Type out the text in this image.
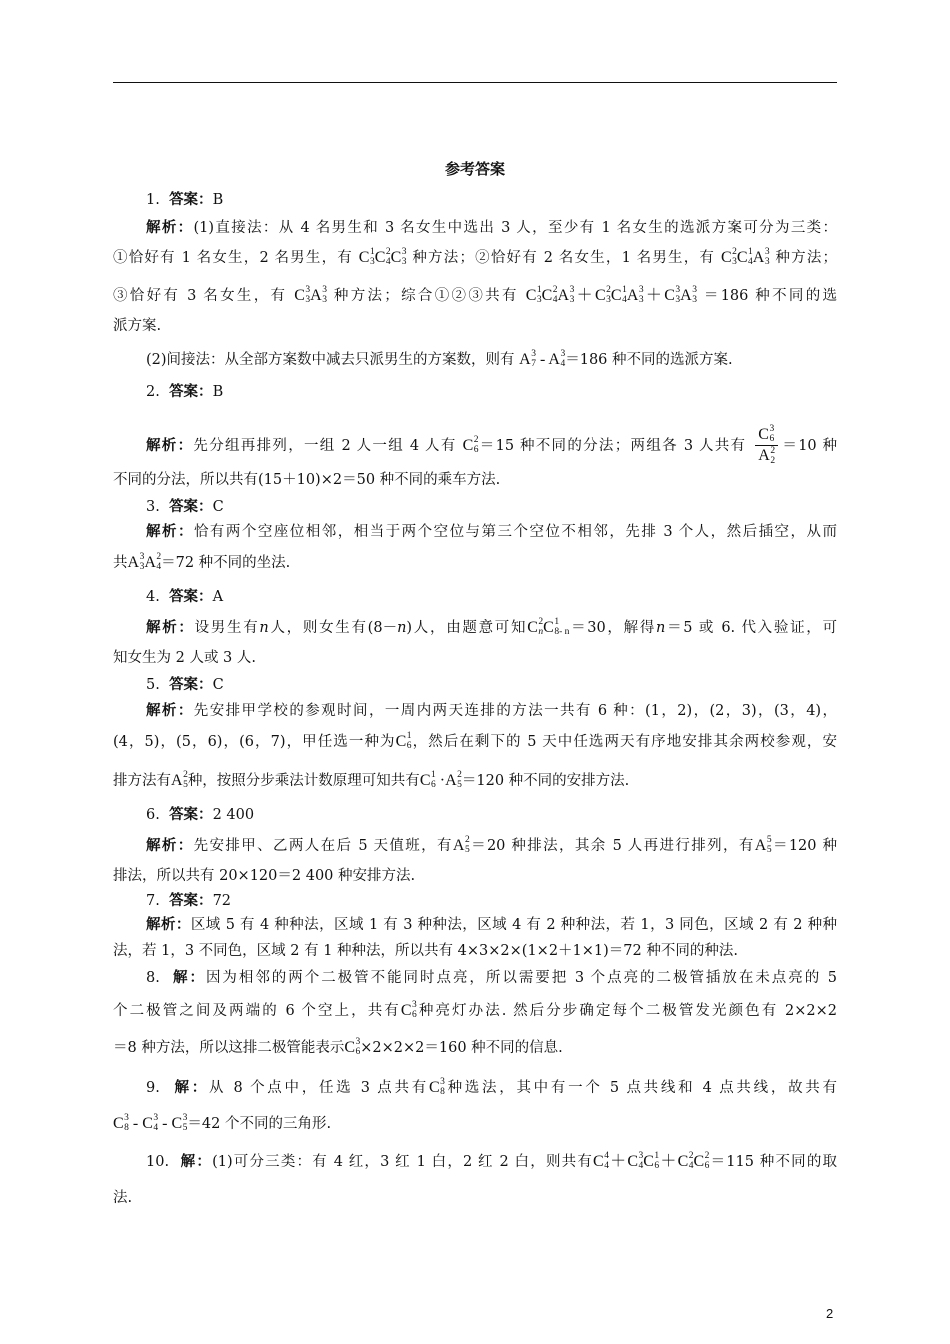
参考答案
1. 答案：B
解析：(1)直接法：从 4 名男生和 3 名女生中选出 3 人，至少有 1 名女生的选派方案可分为三类：
①恰好有 1 名女生，2 名男生，有 C 1
3 C 2
4 C 3
3 种方法；②恰好有 2 名女生，1 名男生，有 C 2
3 C 1
4 A 3
3 种方法；
③恰好有 3 名女生，有 C 3
3 A 3
3 种方法；综合①②③共有 C 1
3 C 2
4 A 3
3 ＋C 2
3 C 1
4 A 3
3 ＋C 3
3 A 3
3 ＝186 种不同的选
派方案.
(2)间接法：从全部方案数中减去只派男生的方案数，则有 A 3
7 - A 3
4 ＝186 种不同的选派方案.
2. 答案：B
解析：先分组再排列，一组 2 人一组 4 人有 C 2
6 ＝15 种不同的分法；两组各 3 人共有 C 3
6
A 2
2 ＝10 种
不同的分法，所以共有(15＋10)×2＝50 种不同的乘车方法.
3. 答案：C
解析：恰有两个空座位相邻，相当于两个空位与第三个空位不相邻，先排 3 个人，然后插空，从而
共A 3
3 A 2
4 ＝72 种不同的坐法.
4. 答案：A
解析：设男生有n人，则女生有(8－n)人，由题意可知C 2
n C 1
8- n ＝30，解得n＝5 或 6. 代入验证，可
知女生为 2 人或 3 人.
5. 答案：C
解析：先安排甲学校的参观时间，一周内两天连排的方法一共有 6 种：(1，2)，(2，3)，(3，4)，
(4，5)，(5，6)，(6，7)，甲任选一种为C 1
6 ，然后在剩下的 5 天中任选两天有序地安排其余两校参观，安
排方法有A 2
5 种，按照分步乘法计数原理可知共有C 1
6 ·A 2
5 ＝120 种不同的安排方法.
6. 答案：2 400
解析：先安排甲、乙两人在后 5 天值班，有A 2
5 ＝20 种排法，其余 5 人再进行排列，有A 5
5 ＝120 种
排法，所以共有 20×120＝2 400 种安排方法.
7. 答案：72
解析：区域 5 有 4 种种法，区域 1 有 3 种种法，区域 4 有 2 种种法，若 1，3 同色，区域 2 有 2 种种
法，若 1，3 不同色，区域 2 有 1 种种法，所以共有 4×3×2×(1×2＋1×1)＝72 种不同的种法.
8. 解：因为相邻的两个二极管不能同时点亮，所以需要把 3 个点亮的二极管插放在未点亮的 5
个二极管之间及两端的 6 个空上，共有C 3
6 种亮灯办法. 然后分步确定每个二极管发光颜色有 2×2×2
＝8 种方法，所以这排二极管能表示C 3
6 ×2×2×2＝160 种不同的信息.
9. 解：从 8 个点中，任选 3 点共有C 3
8 种选法，其中有一个 5 点共线和 4 点共线，故共有
C 3
8 - C 3
4 - C 3
5 ＝42 个不同的三角形.
10. 解：(1)可分三类：有 4 红，3 红 1 白，2 红 2 白，则共有C 4
4 ＋C 3
4 C 1
6 ＋C 2
4 C 2
6 ＝115 种不同的取
法.
2
